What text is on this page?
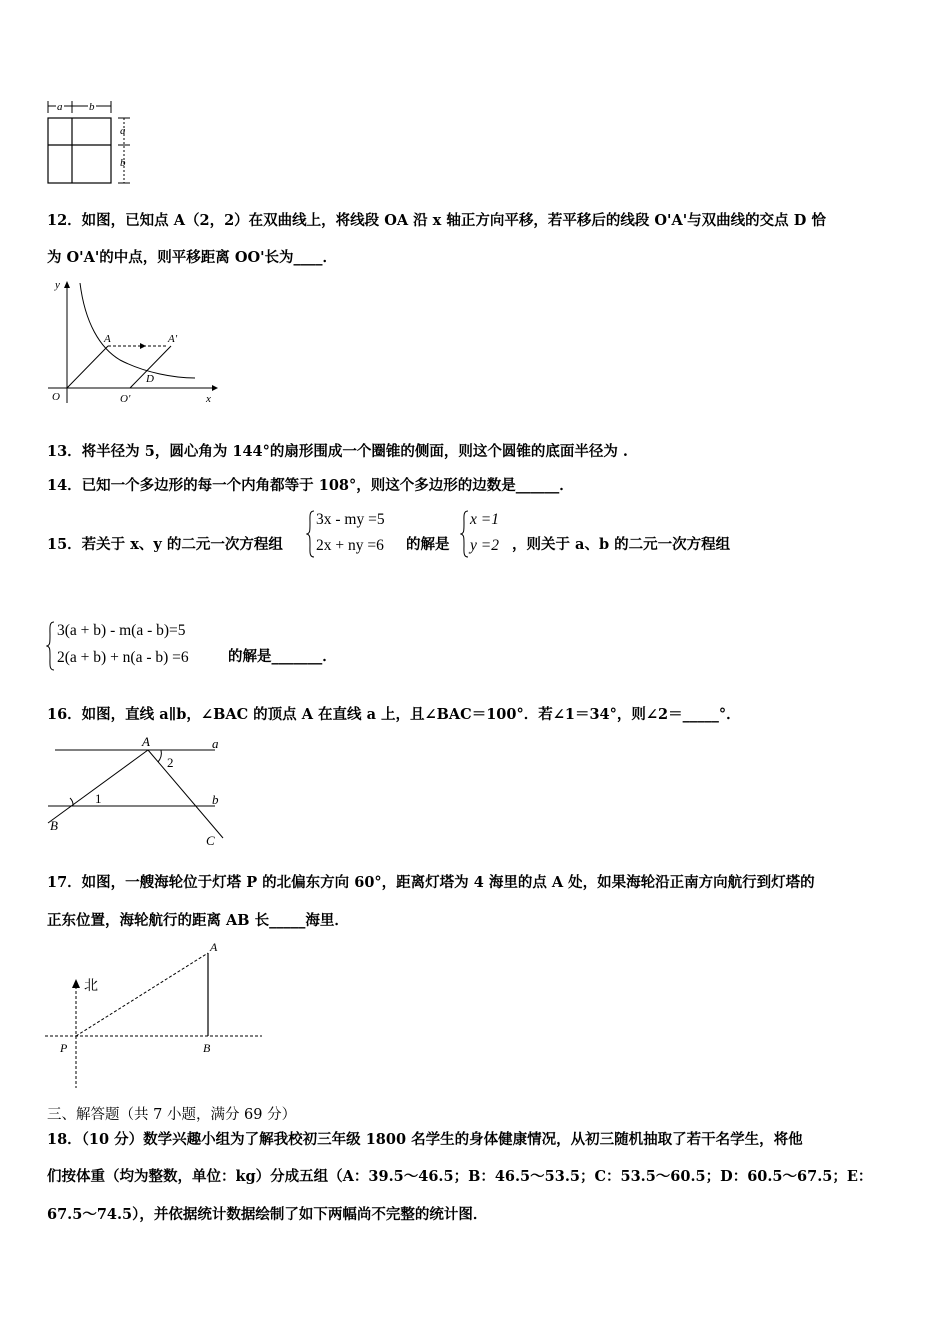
a b
a
b
12．如图，已知点 A（2，2）在双曲线上，将线段 OA 沿 x 轴正方向平移，若平移后的线段 O'A'与双曲线的交点 D 恰
为 O'A'的中点，则平移距离 OO'长为____．
y
x
O
A	A'
D
O'
13．将半径为 5，圆心角为 144°的扇形围成一个圈锥的侧面，则这个圆锥的底面半径为 .
14．已知一个多边形的每一个内角都等于 108°，则这个多边形的边数是______．
15．若关于 x、y 的二元一次方程组
3x - my =5
2x + ny =6 的解是
x =1
y =2 ，则关于 a、b 的二元一次方程组
3(a + b) - m(a - b)=5
2(a + b) + n(a - b) =6	的解是_______．
16．如图，直线 a∥b，∠BAC 的顶点 A 在直线 a 上，且∠BAC＝100°．若∠1＝34°，则∠2＝_____°．
A	a
b
B
C
1
2
17．如图，一艘海轮位于灯塔 P 的北偏东方向 60°，距离灯塔为 4 海里的点 A 处，如果海轮沿正南方向航行到灯塔的
正东位置，海轮航行的距离 AB 长_____海里．
北
A
P	B
三、解答题（共 7 小题，满分 69 分）
18．（10 分）数学兴趣小组为了解我校初三年级 1800 名学生的身体健康情况，从初三随机抽取了若干名学生，将他
们按体重（均为整数，单位：kg）分成五组（A：39.5～46.5；B：46.5～53.5；C：53.5～60.5；D：60.5～67.5；E：
67.5～74.5），并依据统计数据绘制了如下两幅尚不完整的统计图．
